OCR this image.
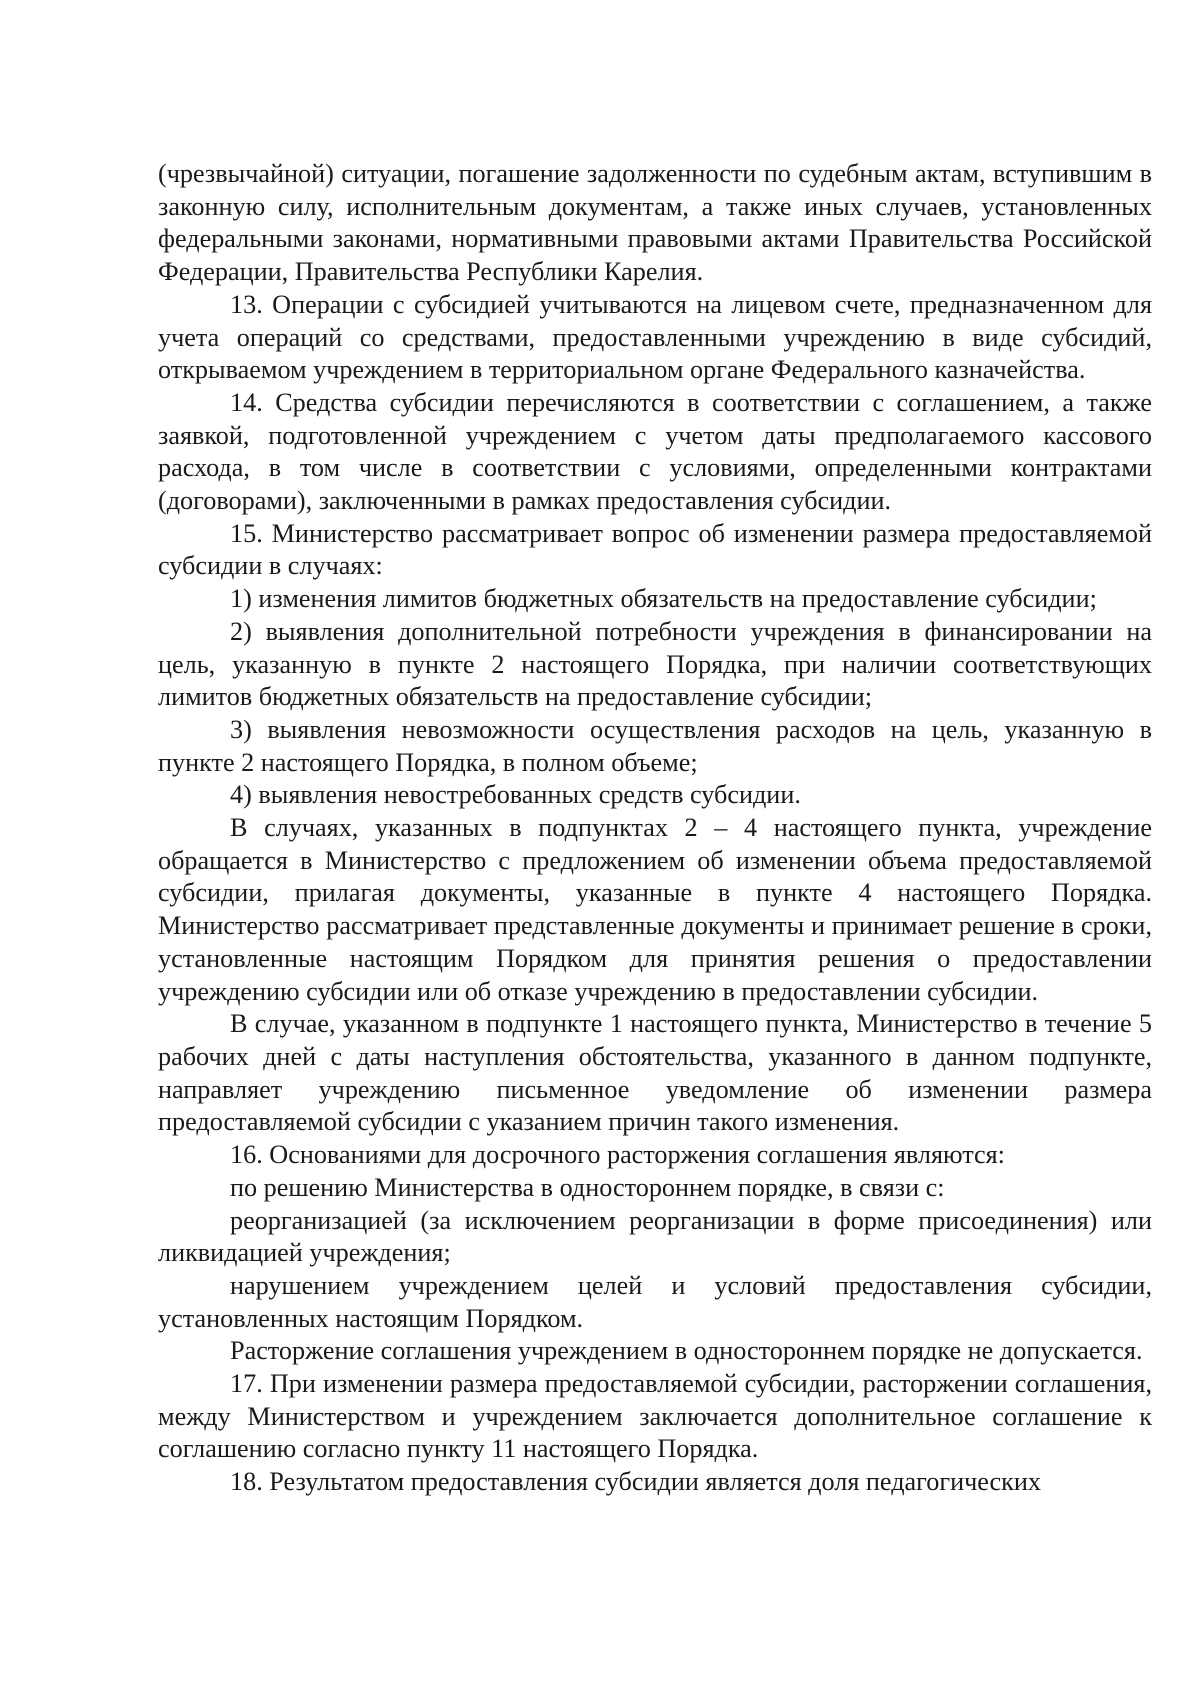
(чрезвычайной) ситуации, погашение задолженности по судебным актам, вступившим в законную силу, исполнительным документам, а также иных случаев, установленных федеральными законами, нормативными правовыми актами Правительства Российской Федерации, Правительства Республики Карелия.

13. Операции с субсидией учитываются на лицевом счете, предназначенном для учета операций со средствами, предоставленными учреждению в виде субсидий, открываемом учреждением в территориальном органе Федерального казначейства.

14. Средства субсидии перечисляются в соответствии с соглашением, а также заявкой, подготовленной учреждением с учетом даты предполагаемого кассового расхода, в том числе в соответствии с условиями, определенными контрактами (договорами), заключенными в рамках предоставления субсидии.

15. Министерство рассматривает вопрос об изменении размера предоставляемой субсидии в случаях:

1) изменения лимитов бюджетных обязательств на предоставление субсидии;

2) выявления дополнительной потребности учреждения в финансировании на цель, указанную в пункте 2 настоящего Порядка, при наличии соответствующих лимитов бюджетных обязательств на предоставление субсидии;

3) выявления невозможности осуществления расходов на цель, указанную в пункте 2 настоящего Порядка, в полном объеме;

4) выявления невостребованных средств субсидии.

В случаях, указанных в подпунктах 2 – 4 настоящего пункта, учреждение обращается в Министерство с предложением об изменении объема предоставляемой субсидии, прилагая документы, указанные в пункте 4 настоящего Порядка. Министерство рассматривает представленные документы и принимает решение в сроки, установленные настоящим Порядком для принятия решения о предоставлении учреждению субсидии или об отказе учреждению в предоставлении субсидии.

В случае, указанном в подпункте 1 настоящего пункта, Министерство в течение 5 рабочих дней с даты наступления обстоятельства, указанного в данном подпункте, направляет учреждению письменное уведомление об изменении размера предоставляемой субсидии с указанием причин такого изменения.

16. Основаниями для досрочного расторжения соглашения являются:

по решению Министерства в одностороннем порядке, в связи с:

реорганизацией (за исключением реорганизации в форме присоединения) или ликвидацией учреждения;

нарушением учреждением целей и условий предоставления субсидии, установленных настоящим Порядком.

Расторжение соглашения учреждением в одностороннем порядке не допускается.

17. При изменении размера предоставляемой субсидии, расторжении соглашения, между Министерством и учреждением заключается дополнительное соглашение к соглашению согласно пункту 11 настоящего Порядка.

18. Результатом предоставления субсидии является доля педагогических
